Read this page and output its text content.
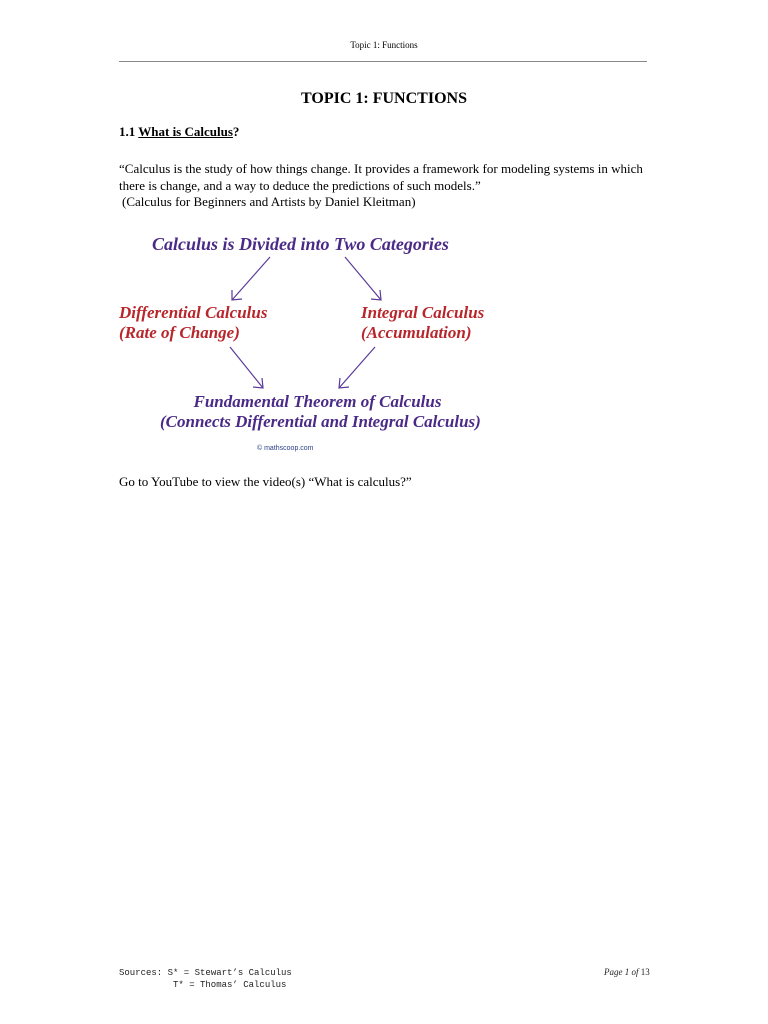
Topic 1: Functions
TOPIC 1: FUNCTIONS
1.1 What is Calculus?
“Calculus is the study of how things change. It provides a framework for modeling systems in which there is change, and a way to deduce the predictions of such models.”
(Calculus for Beginners and Artists by Daniel Kleitman)
Calculus is Divided into Two Categories
Differential Calculus
(Rate of Change)
Integral Calculus
(Accumulation)
Fundamental Theorem of Calculus
(Connects Differential and Integral Calculus)
© mathscoop.com
Go to YouTube to view the video(s) “What is calculus?”
Sources: S* = Stewart’s Calculus
T* = Thomas’ Calculus
Page 1 of 13
